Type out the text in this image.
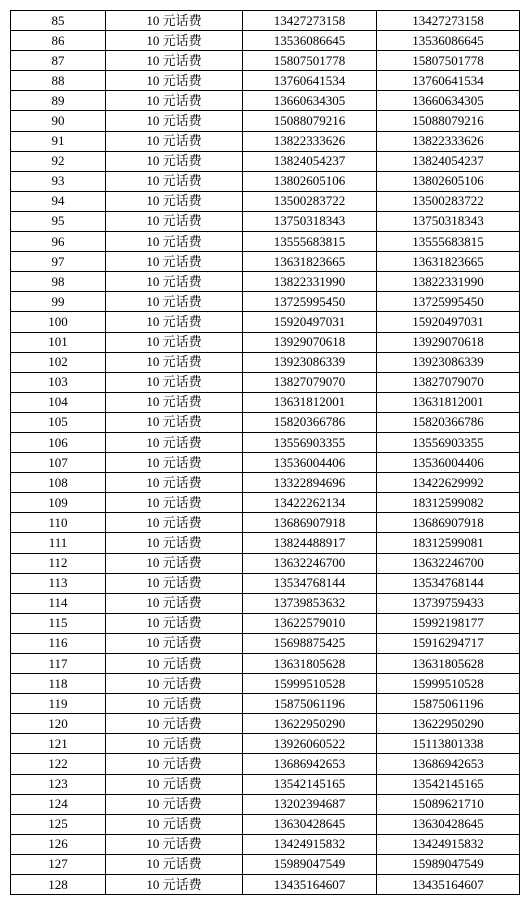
85	10 元话费	13427273158	13427273158
86	10 元话费	13536086645	13536086645
87	10 元话费	15807501778	15807501778
88	10 元话费	13760641534	13760641534
89	10 元话费	13660634305	13660634305
90	10 元话费	15088079216	15088079216
91	10 元话费	13822333626	13822333626
92	10 元话费	13824054237	13824054237
93	10 元话费	13802605106	13802605106
94	10 元话费	13500283722	13500283722
95	10 元话费	13750318343	13750318343
96	10 元话费	13555683815	13555683815
97	10 元话费	13631823665	13631823665
98	10 元话费	13822331990	13822331990
99	10 元话费	13725995450	13725995450
100	10 元话费	15920497031	15920497031
101	10 元话费	13929070618	13929070618
102	10 元话费	13923086339	13923086339
103	10 元话费	13827079070	13827079070
104	10 元话费	13631812001	13631812001
105	10 元话费	15820366786	15820366786
106	10 元话费	13556903355	13556903355
107	10 元话费	13536004406	13536004406
108	10 元话费	13322894696	13422629992
109	10 元话费	13422262134	18312599082
110	10 元话费	13686907918	13686907918
111	10 元话费	13824488917	18312599081
112	10 元话费	13632246700	13632246700
113	10 元话费	13534768144	13534768144
114	10 元话费	13739853632	13739759433
115	10 元话费	13622579010	15992198177
116	10 元话费	15698875425	15916294717
117	10 元话费	13631805628	13631805628
118	10 元话费	15999510528	15999510528
119	10 元话费	15875061196	15875061196
120	10 元话费	13622950290	13622950290
121	10 元话费	13926060522	15113801338
122	10 元话费	13686942653	13686942653
123	10 元话费	13542145165	13542145165
124	10 元话费	13202394687	15089621710
125	10 元话费	13630428645	13630428645
126	10 元话费	13424915832	13424915832
127	10 元话费	15989047549	15989047549
128	10 元话费	13435164607	13435164607
